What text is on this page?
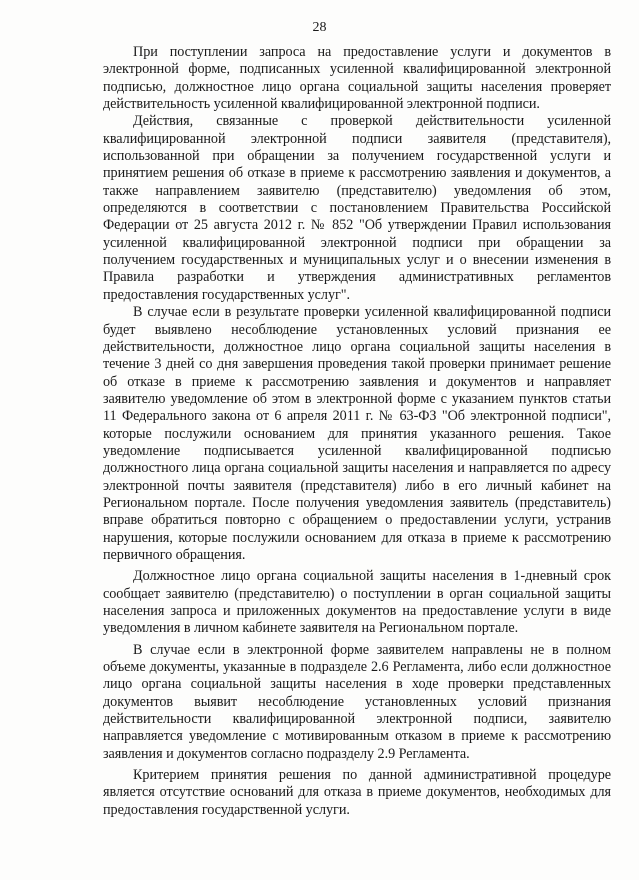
28

При поступлении запроса на предоставление услуги и документов в электронной форме, подписанных усиленной квалифицированной электронной подписью, должностное лицо органа социальной защиты населения проверяет действительность усиленной квалифицированной электронной подписи.

Действия, связанные с проверкой действительности усиленной квалифицированной электронной подписи заявителя (представителя), использованной при обращении за получением государственной услуги и принятием решения об отказе в приеме к рассмотрению заявления и документов, а также направлением заявителю (представителю) уведомления об этом, определяются в соответствии с постановлением Правительства Российской Федерации от 25 августа 2012 г. № 852 "Об утверждении Правил использования усиленной квалифицированной электронной подписи при обращении за получением государственных и муниципальных услуг и о внесении изменения в Правила разработки и утверждения административных регламентов предоставления государственных услуг".

В случае если в результате проверки усиленной квалифицированной подписи будет выявлено несоблюдение установленных условий признания ее действительности, должностное лицо органа социальной защиты населения в течение 3 дней со дня завершения проведения такой проверки принимает решение об отказе в приеме к рассмотрению заявления и документов и направляет заявителю уведомление об этом в электронной форме с указанием пунктов статьи 11 Федерального закона от 6 апреля 2011 г. № 63-ФЗ "Об электронной подписи", которые послужили основанием для принятия указанного решения. Такое уведомление подписывается усиленной квалифицированной подписью должностного лица органа социальной защиты населения и направляется по адресу электронной почты заявителя (представителя) либо в его личный кабинет на Региональном портале. После получения уведомления заявитель (представитель) вправе обратиться повторно с обращением о предоставлении услуги, устранив нарушения, которые послужили основанием для отказа в приеме к рассмотрению первичного обращения.

Должностное лицо органа социальной защиты населения в 1-дневный срок сообщает заявителю (представителю) о поступлении в орган социальной защиты населения запроса и приложенных документов на предоставление услуги в виде уведомления в личном кабинете заявителя на Региональном портале.

В случае если в электронной форме заявителем направлены не в полном объеме документы, указанные в подразделе 2.6 Регламента, либо если должностное лицо органа социальной защиты населения в ходе проверки представленных документов выявит несоблюдение установленных условий признания действительности квалифицированной электронной подписи, заявителю направляется уведомление с мотивированным отказом в приеме к рассмотрению заявления и документов согласно подразделу 2.9 Регламента.

Критерием принятия решения по данной административной процедуре является отсутствие оснований для отказа в приеме документов, необходимых для предоставления государственной услуги.
